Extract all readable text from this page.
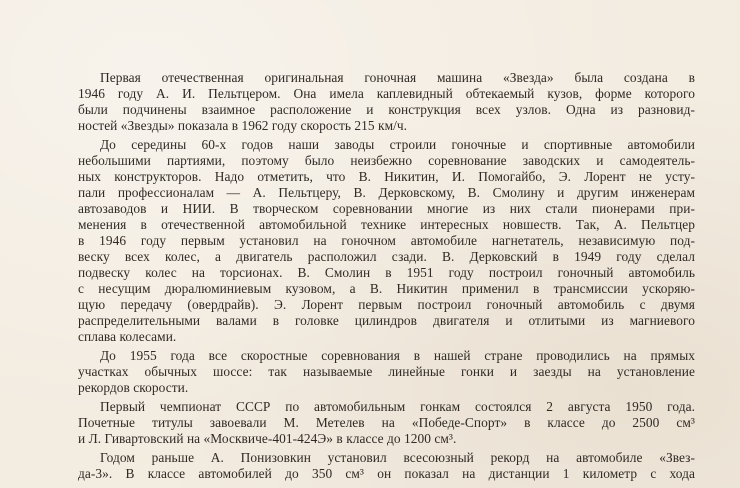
Первая отечественная оригинальная гоночная машина «Звезда» была создана в
1946 году А. И. Пельтцером. Она имела каплевидный обтекаемый кузов, форме которого
были подчинены взаимное расположение и конструкция всех узлов. Одна из разновид-
ностей «Звезды» показала в 1962 году скорость 215 км/ч.
До середины 60-х годов наши заводы строили гоночные и спортивные автомобили
небольшими партиями, поэтому было неизбежно соревнование заводских и самодеятель-
ных конструкторов. Надо отметить, что В. Никитин, И. Помогайбо, Э. Лорент не усту-
пали профессионалам — А. Пельтцеру, В. Дерковскому, В. Смолину и другим инженерам
автозаводов и НИИ. В творческом соревновании многие из них стали пионерами при-
менения в отечественной автомобильной технике интересных новшеств. Так, А. Пельтцер
в 1946 году первым установил на гоночном автомобиле нагнетатель, независимую под-
веску всех колес, а двигатель расположил сзади. В. Дерковский в 1949 году сделал
подвеску колес на торсионах. В. Смолин в 1951 году построил гоночный автомобиль
с несущим дюралюминиевым кузовом, а В. Никитин применил в трансмиссии ускоряю-
щую передачу (овердрайв). Э. Лорент первым построил гоночный автомобиль с двумя
распределительными валами в головке цилиндров двигателя и отлитыми из магниевого
сплава колесами.
До 1955 года все скоростные соревнования в нашей стране проводились на прямых
участках обычных шоссе: так называемые линейные гонки и заезды на установление
рекордов скорости.
Первый чемпионат СССР по автомобильным гонкам состоялся 2 августа 1950 года.
Почетные титулы завоевали М. Метелев на «Победе-Спорт» в классе до 2500 см³
и Л. Гивартовский на «Москвиче-401-424Э» в классе до 1200 см³.
Годом раньше А. Понизовкин установил всесоюзный рекорд на автомобиле «Звез-
да-3». В классе автомобилей до 350 см³ он показал на дистанции 1 километр с хода
